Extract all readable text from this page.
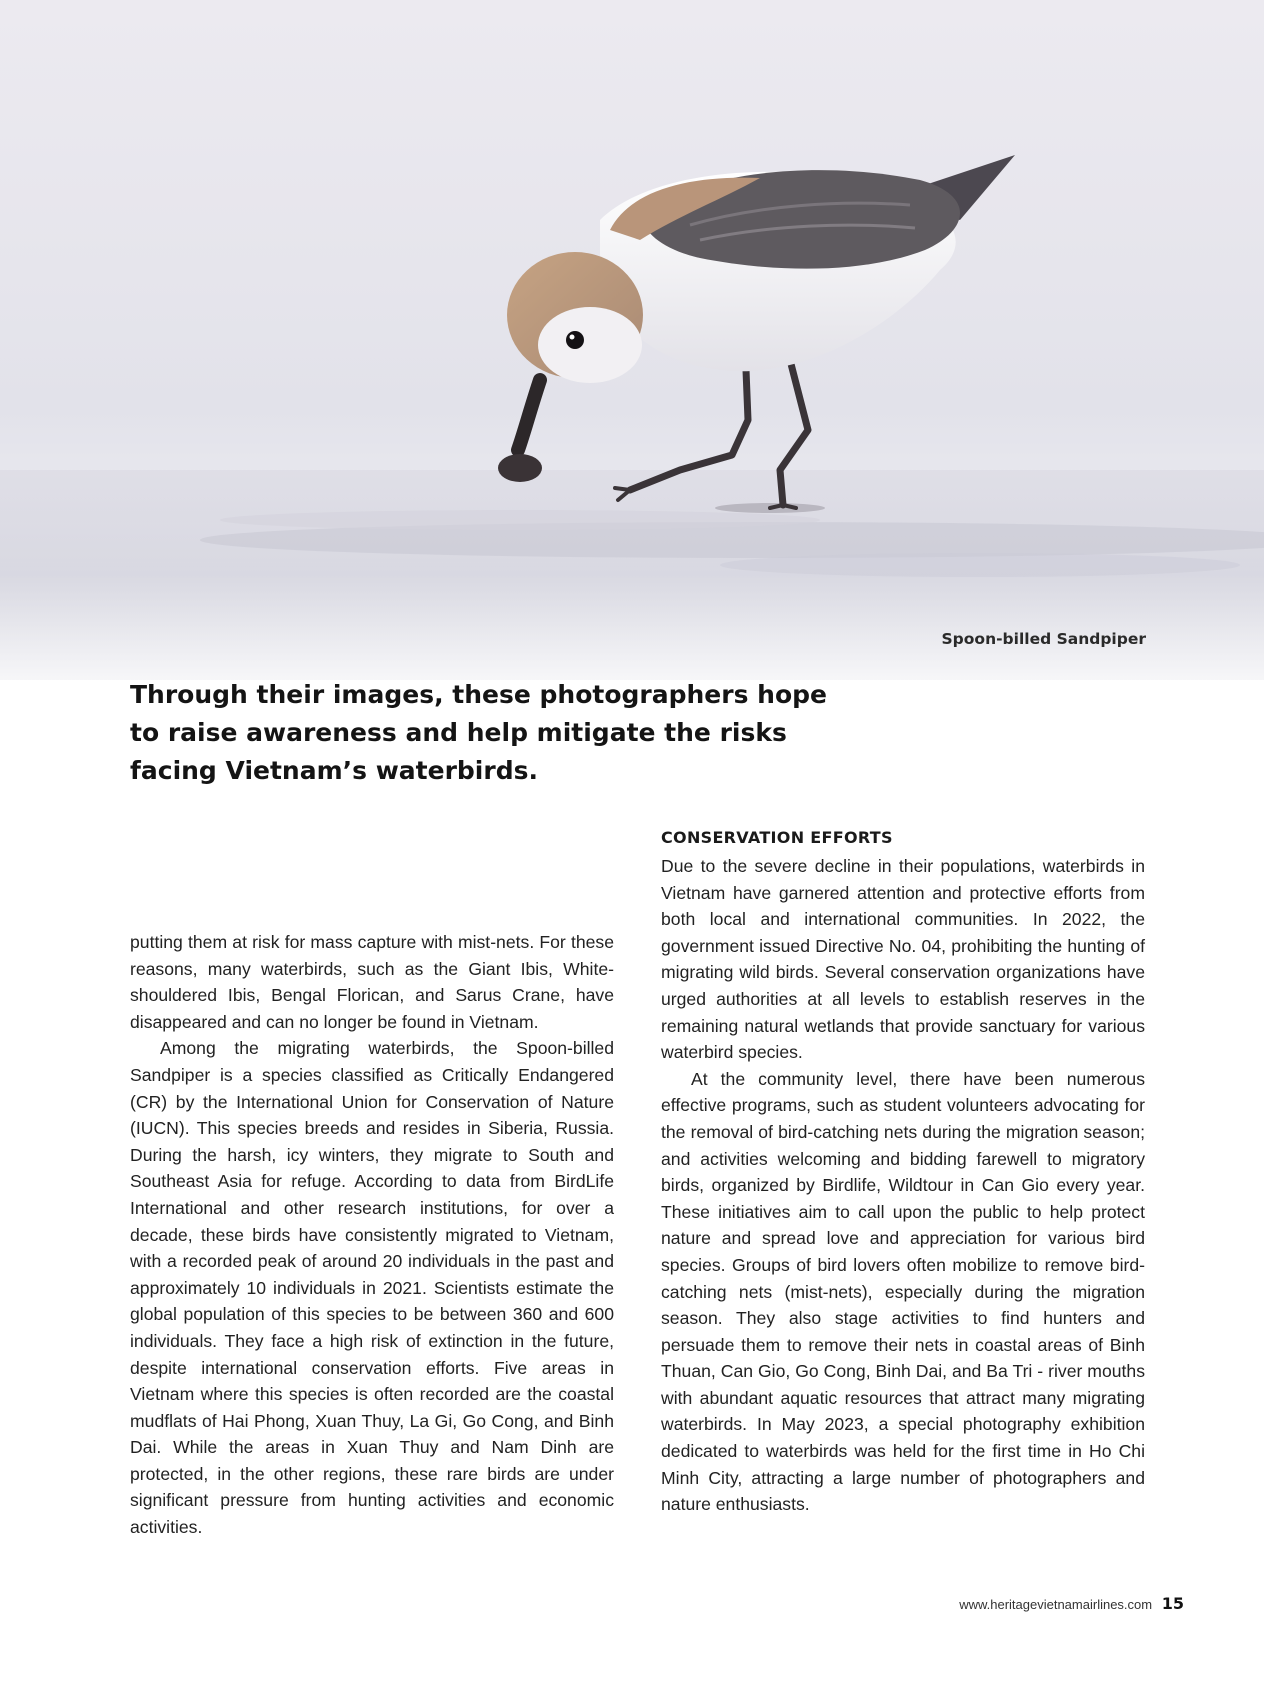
Spoon-billed Sandpiper

Through their images, these photographers hope to raise awareness and help mitigate the risks facing Vietnam’s waterbirds.

putting them at risk for mass capture with mist-nets. For these reasons, many waterbirds, such as the Giant Ibis, White-shouldered Ibis, Bengal Florican, and Sarus Crane, have disappeared and can no longer be found in Vietnam.

Among the migrating waterbirds, the Spoon-billed Sandpiper is a species classified as Critically Endangered (CR) by the International Union for Conservation of Nature (IUCN). This species breeds and resides in Siberia, Russia. During the harsh, icy winters, they migrate to South and Southeast Asia for refuge. According to data from BirdLife International and other research institutions, for over a decade, these birds have consistently migrated to Vietnam, with a recorded peak of around 20 individuals in the past and approximately 10 individuals in 2021. Scientists estimate the global population of this species to be between 360 and 600 individuals. They face a high risk of extinction in the future, despite international conservation efforts. Five areas in Vietnam where this species is often recorded are the coastal mudflats of Hai Phong, Xuan Thuy, La Gi, Go Cong, and Binh Dai. While the areas in Xuan Thuy and Nam Dinh are protected, in the other regions, these rare birds are under significant pressure from hunting activities and economic activities.

CONSERVATION EFFORTS

Due to the severe decline in their populations, waterbirds in Vietnam have garnered attention and protective efforts from both local and international communities. In 2022, the government issued Directive No. 04, prohibiting the hunting of migrating wild birds. Several conservation organizations have urged authorities at all levels to establish reserves in the remaining natural wetlands that provide sanctuary for various waterbird species.

At the community level, there have been numerous effective programs, such as student volunteers advocating for the removal of bird-catching nets during the migration season; and activities welcoming and bidding farewell to migratory birds, organized by Birdlife, Wildtour in Can Gio every year. These initiatives aim to call upon the public to help protect nature and spread love and appreciation for various bird species. Groups of bird lovers often mobilize to remove bird-catching nets (mist-nets), especially during the migration season. They also stage activities to find hunters and persuade them to remove their nets in coastal areas of Binh Thuan, Can Gio, Go Cong, Binh Dai, and Ba Tri - river mouths with abundant aquatic resources that attract many migrating waterbirds. In May 2023, a special photography exhibition dedicated to waterbirds was held for the first time in Ho Chi Minh City, attracting a large number of photographers and nature enthusiasts.

www.heritagevietnamairlines.com 15
